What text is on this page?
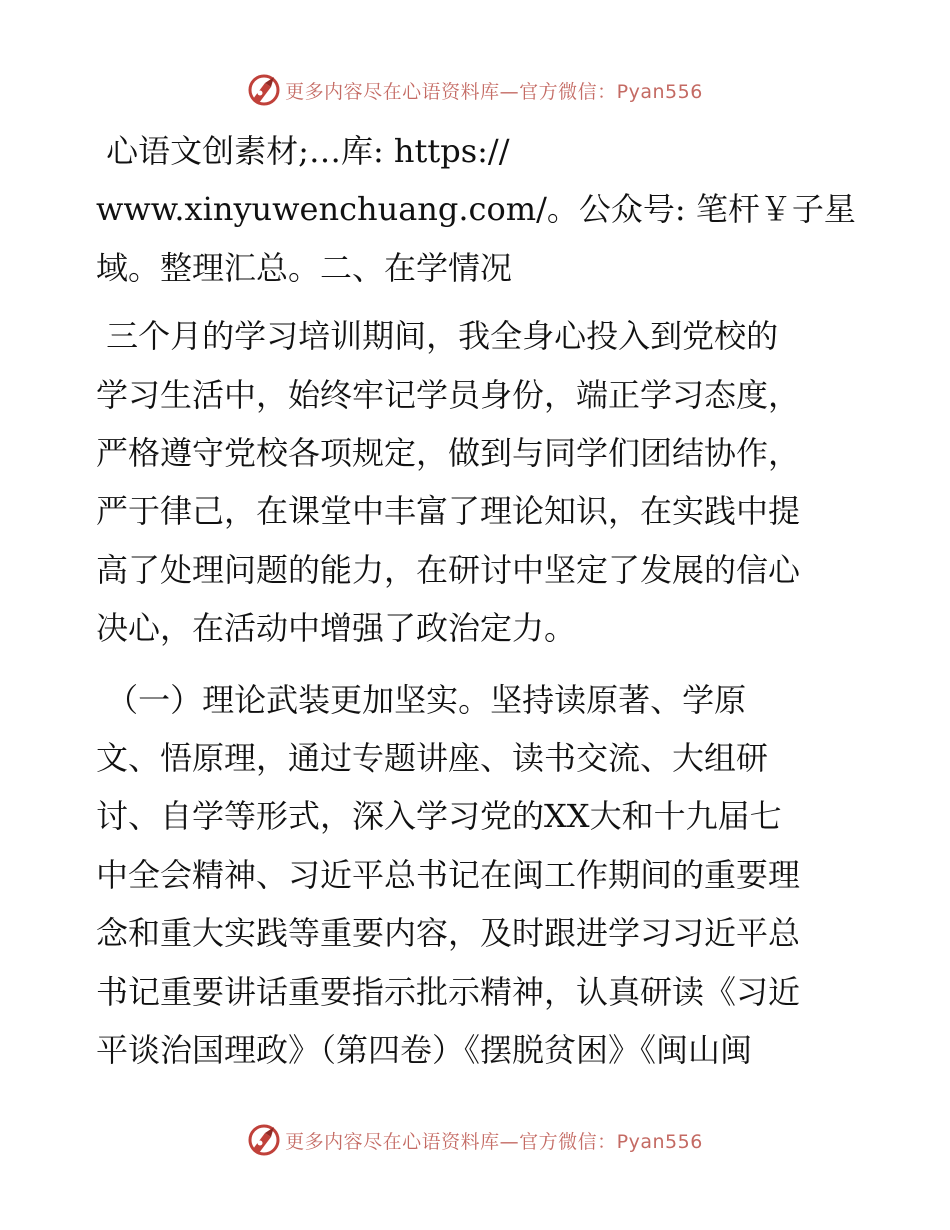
更多内容尽在心语资料库—官方微信：Pyan556

心语文创素材;…库: https://

www.xinyuwenchuang.com/。公众号: 笔杆￥子星

域。整理汇总。二、在学情况

三个月的学习培训期间，我全身心投入到党校的

学习生活中，始终牢记学员身份，端正学习态度，

严格遵守党校各项规定，做到与同学们团结协作，

严于律己，在课堂中丰富了理论知识，在实践中提

高了处理问题的能力，在研讨中坚定了发展的信心

决心，在活动中增强了政治定力。

（一）理论武装更加坚实。坚持读原著、学原

文、悟原理，通过专题讲座、读书交流、大组研

讨、自学等形式，深入学习党的XX大和十九届七

中全会精神、习近平总书记在闽工作期间的重要理

念和重大实践等重要内容，及时跟进学习习近平总

书记重要讲话重要指示批示精神，认真研读《习近

平谈治国理政》（第四卷）《摆脱贫困》《闽山闽

更多内容尽在心语资料库—官方微信：Pyan556
